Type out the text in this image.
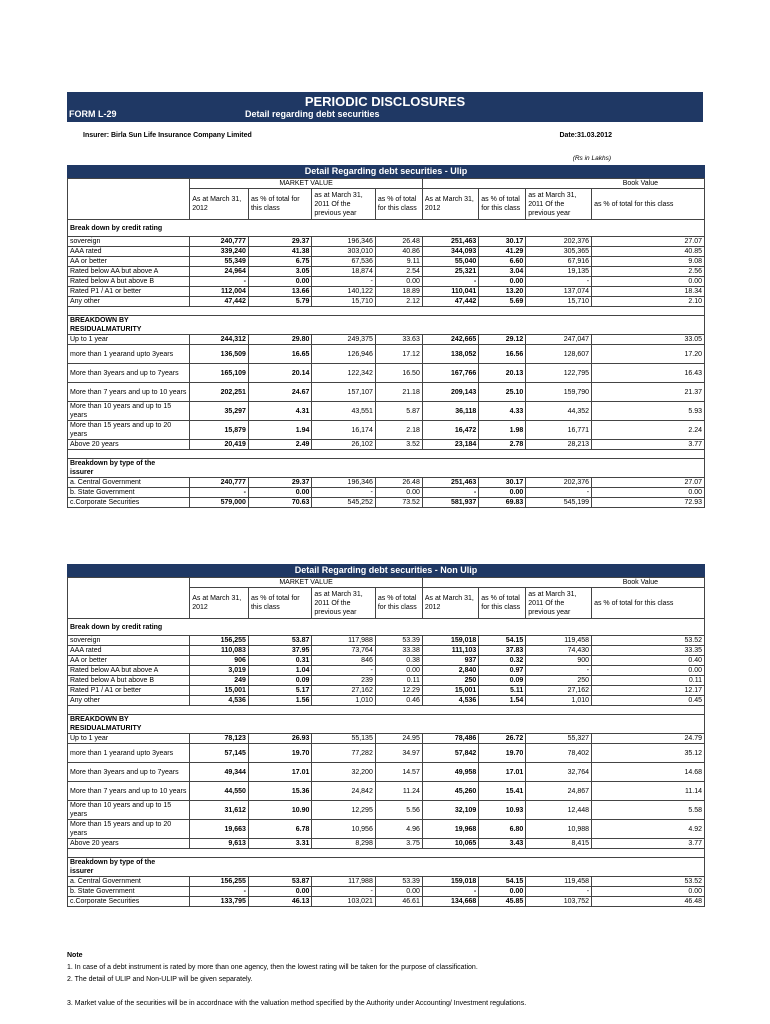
PERIODIC DISCLOSURES
FORM L-29	Detail regarding debt securities
Insurer: Birla Sun Life Insurance Company Limited	Date:31.03.2012
(Rs in Lakhs)
Detail Regarding debt securities - Ulip
	MARKET VALUE				Book Value			
	As at March 31, 2012	as % of total for this class	as at March 31, 2011 Of the previous year	as % of total for this class	As at March 31, 2012	as % of total for this class	as at March 31, 2011 Of the previous year	as % of total for this class
Break down by credit rating								
sovereign	240,777	29.37	196,346	26.48	251,463	30.17	202,376	27.07
AAA rated	339,240	41.38	303,010	40.86	344,093	41.29	305,365	40.85
AA or better	55,349	6.75	67,536	9.11	55,040	6.60	67,916	9.08
Rated below AA but above A	24,964	3.05	18,874	2.54	25,321	3.04	19,135	2.56
Rated below A but above B	-	0.00	-	0.00	-	0.00	-	0.00
Rated P1 / A1 or better	112,004	13.66	140,122	18.89	110,041	13.20	137,074	18.34
Any other	47,442	5.79	15,710	2.12	47,442	5.69	15,710	2.10

BREAKDOWN BY RESIDUALMATURITY								
Up to 1 year	244,312	29.80	249,375	33.63	242,665	29.12	247,047	33.05
more than 1 yearand upto 3years	136,509	16.65	126,946	17.12	138,052	16.56	128,607	17.20
More than 3years and up to 7years	165,109	20.14	122,342	16.50	167,766	20.13	122,795	16.43
More than 7 years and up to 10 years	202,251	24.67	157,107	21.18	209,143	25.10	159,790	21.37
More than 10 years and up to 15 years	35,297	4.31	43,551	5.87	36,118	4.33	44,352	5.93
More than 15 years and up to 20 years	15,879	1.94	16,174	2.18	16,472	1.98	16,771	2.24
Above 20 years	20,419	2.49	26,102	3.52	23,184	2.78	28,213	3.77

Breakdown by type of the issurer								
a. Central Government	240,777	29.37	196,346	26.48	251,463	30.17	202,376	27.07
b. State Government	-	0.00	-	0.00	-	0.00	-	0.00
c.Corporate Securities	579,000	70.63	545,252	73.52	581,937	69.83	545,199	72.93
Detail Regarding debt securities - Non Ulip
	MARKET VALUE				Book Value			
	As at March 31, 2012	as % of total for this class	as at March 31, 2011 Of the previous year	as % of total for this class	As at March 31, 2012	as % of total for this class	as at March 31, 2011 Of the previous year	as % of total for this class
Break down by credit rating								
sovereign	156,255	53.87	117,988	53.39	159,018	54.15	119,458	53.52
AAA rated	110,083	37.95	73,764	33.38	111,103	37.83	74,430	33.35
AA or better	906	0.31	846	0.38	937	0.32	900	0.40
Rated below AA but above A	3,019	1.04	-	0.00	2,840	0.97	-	0.00
Rated below A but above B	249	0.09	239	0.11	250	0.09	250	0.11
Rated P1 / A1 or better	15,001	5.17	27,162	12.29	15,001	5.11	27,162	12.17
Any other	4,536	1.56	1,010	0.46	4,536	1.54	1,010	0.45

BREAKDOWN BY RESIDUALMATURITY								
Up to 1 year	78,123	26.93	55,135	24.95	78,486	26.72	55,327	24.79
more than 1 yearand upto 3years	57,145	19.70	77,282	34.97	57,842	19.70	78,402	35.12
More than 3years and up to 7years	49,344	17.01	32,200	14.57	49,958	17.01	32,764	14.68
More than 7 years and up to 10 years	44,550	15.36	24,842	11.24	45,260	15.41	24,867	11.14
More than 10 years and up to 15 years	31,612	10.90	12,295	5.56	32,109	10.93	12,448	5.58
More than 15 years and up to 20 years	19,663	6.78	10,956	4.96	19,968	6.80	10,988	4.92
Above 20 years	9,613	3.31	8,298	3.75	10,065	3.43	8,415	3.77

Breakdown by type of the issurer								
a. Central Government	156,255	53.87	117,988	53.39	159,018	54.15	119,458	53.52
b. State Government	-	0.00	-	0.00	-	0.00	-	0.00
c.Corporate Securities	133,795	46.13	103,021	46.61	134,668	45.85	103,752	46.48
Note
1. In case of a debt instrument is rated by more than one agency, then the lowest rating will be taken for the purpose of classification.
2. The detail of ULIP and Non-ULIP will be given separately.
3. Market value of the securities will be in accordnace with the valuation method specified by the Authority under Accounting/ Investment regulations.
